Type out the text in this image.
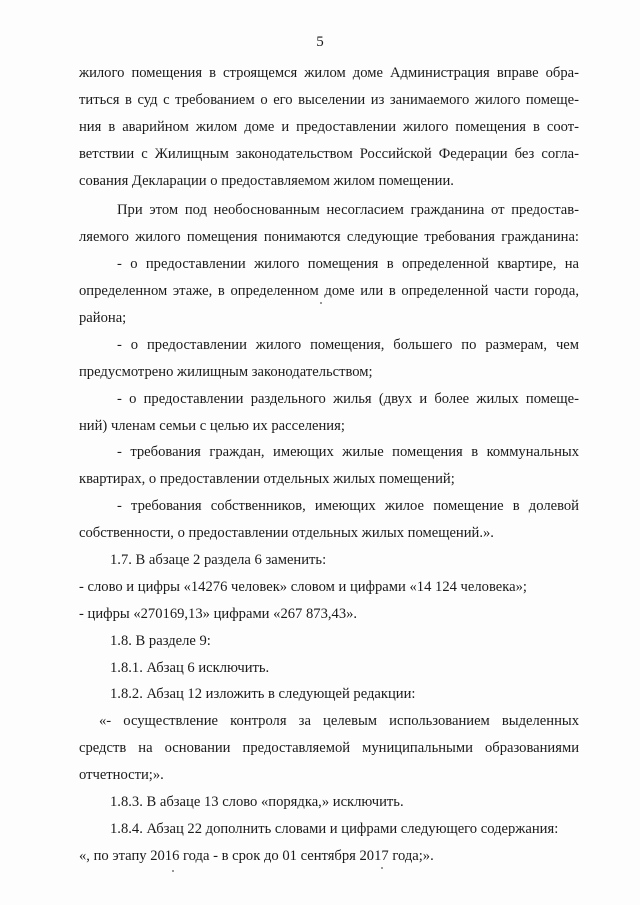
5
жилого помещения в строящемся жилом доме Администрация вправе обра-
титься в суд с требованием о его выселении из занимаемого жилого помеще-
ния в аварийном жилом доме и предоставлении жилого помещения в соот-
ветствии с Жилищным законодательством Российской Федерации без согла-
сования Декларации о предоставляемом жилом помещении.
При этом под необоснованным несогласием гражданина от предостав-
ляемого жилого помещения понимаются следующие требования гражданина:
- о предоставлении жилого помещения в определенной квартире, на
определенном этаже, в определенном доме или в определенной части города,
района;
- о предоставлении жилого помещения, большего по размерам, чем
предусмотрено жилищным законодательством;
- о предоставлении раздельного жилья (двух и более жилых помеще-
ний) членам семьи с целью их расселения;
- требования граждан, имеющих жилые помещения в коммунальных
квартирах, о предоставлении отдельных жилых помещений;
- требования собственников, имеющих жилое помещение в долевой
собственности, о предоставлении отдельных жилых помещений.».
1.7. В абзаце 2 раздела 6 заменить:
- слово и цифры «14276 человек» словом и цифрами «14 124 человека»;
- цифры «270169,13» цифрами «267 873,43».
1.8. В разделе 9:
1.8.1. Абзац 6 исключить.
1.8.2. Абзац 12 изложить в следующей редакции:
«- осуществление контроля за целевым использованием выделенных
средств на основании предоставляемой муниципальными образованиями
отчетности;».
1.8.3. В абзаце 13 слово «порядка,» исключить.
1.8.4. Абзац 22 дополнить словами и цифрами следующего содержания:
«, по этапу 2016 года - в срок до 01 сентября 2017 года;».
